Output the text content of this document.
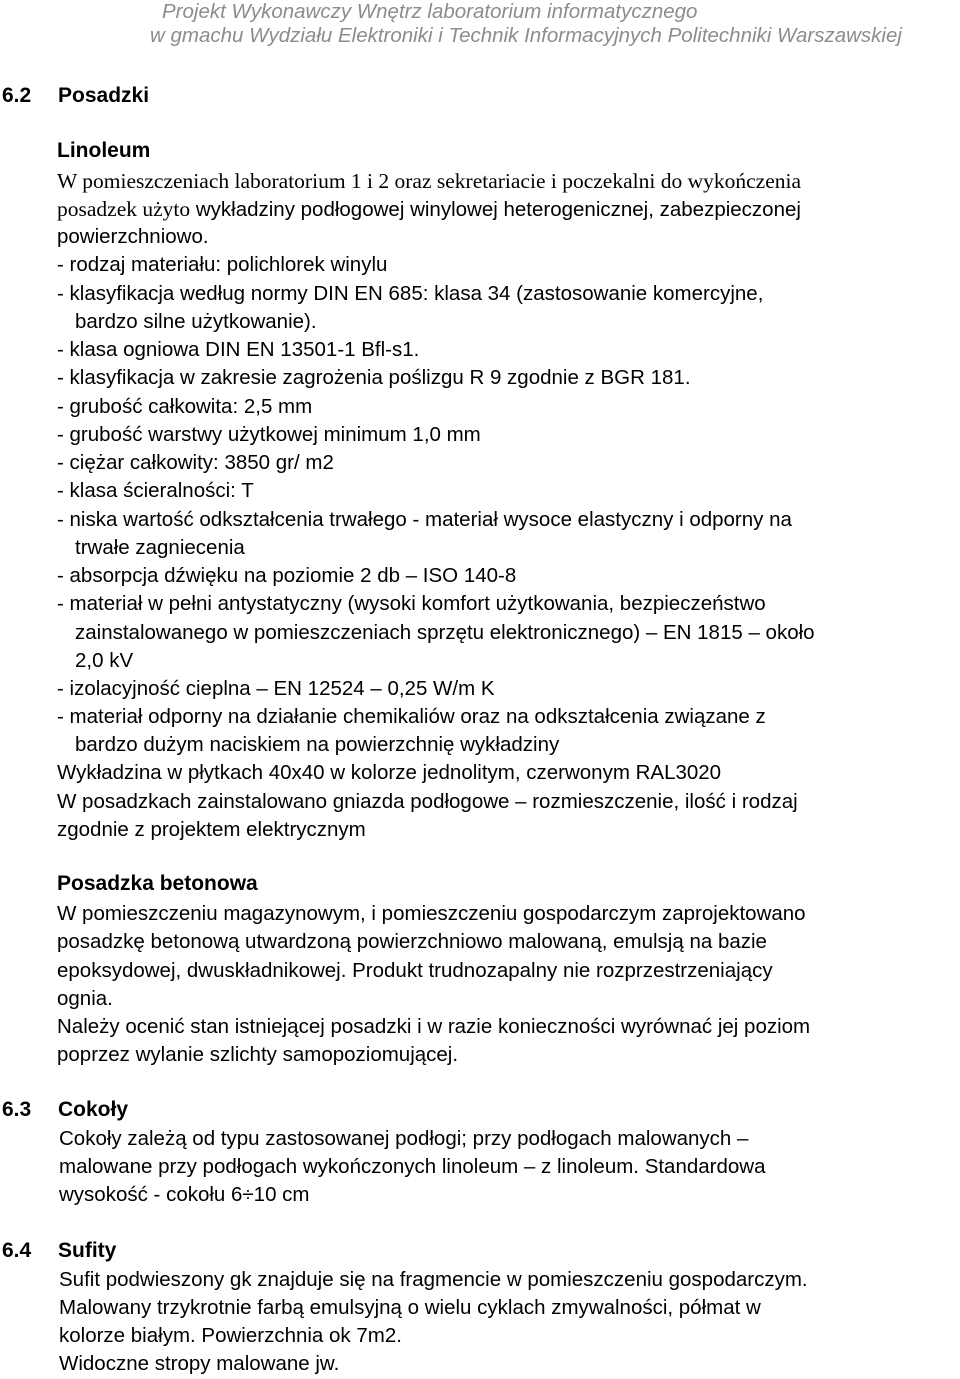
Projekt Wykonawczy Wnętrz laboratorium informatycznego
w gmachu Wydziału Elektroniki i Technik Informacyjnych Politechniki Warszawskiej
6.2 Posadzki
Linoleum
W pomieszczeniach laboratorium 1 i 2 oraz sekretariacie i poczekalni do wykończenia
posadzek użyto wykładziny podłogowej winylowej heterogenicznej, zabezpieczonej
powierzchniowo.
- rodzaj materiału: polichlorek winylu
- klasyfikacja według normy DIN EN 685: klasa 34 (zastosowanie komercyjne,
bardzo silne użytkowanie).
- klasa ogniowa DIN EN 13501-1 Bfl-s1.
- klasyfikacja w zakresie zagrożenia poślizgu R 9 zgodnie z BGR 181.
- grubość całkowita: 2,5 mm
- grubość warstwy użytkowej minimum 1,0 mm
- ciężar całkowity: 3850 gr/ m2
- klasa ścieralności: T
- niska wartość odkształcenia trwałego - materiał wysoce elastyczny i odporny na
trwałe zagniecenia
- absorpcja dźwięku na poziomie 2 db – ISO 140-8
- materiał w pełni antystatyczny (wysoki komfort użytkowania, bezpieczeństwo
zainstalowanego w pomieszczeniach sprzętu elektronicznego) – EN 1815 – około
2,0 kV
- izolacyjność cieplna – EN 12524 – 0,25 W/m K
- materiał odporny na działanie chemikaliów oraz na odkształcenia związane z
bardzo dużym naciskiem na powierzchnię wykładziny
Wykładzina w płytkach 40x40 w kolorze jednolitym, czerwonym RAL3020
W posadzkach zainstalowano gniazda podłogowe – rozmieszczenie, ilość i rodzaj
zgodnie z projektem elektrycznym
Posadzka betonowa
W pomieszczeniu magazynowym, i pomieszczeniu gospodarczym zaprojektowano
posadzkę betonową utwardzoną powierzchniowo malowaną, emulsją na bazie
epoksydowej, dwuskładnikowej. Produkt trudnozapalny nie rozprzestrzeniający
ognia.
Należy ocenić stan istniejącej posadzki i w razie konieczności wyrównać jej poziom
poprzez wylanie szlichty samopoziomującej.
6.3 Cokoły
Cokoły zależą od typu zastosowanej podłogi; przy podłogach malowanych –
malowane przy podłogach wykończonych linoleum – z linoleum. Standardowa
wysokość - cokołu 6÷10 cm
6.4 Sufity
Sufit podwieszony gk znajduje się na fragmencie w pomieszczeniu gospodarczym.
Malowany trzykrotnie farbą emulsyjną o wielu cyklach zmywalności, półmat w
kolorze białym. Powierzchnia ok 7m2.
Widoczne stropy malowane jw.
